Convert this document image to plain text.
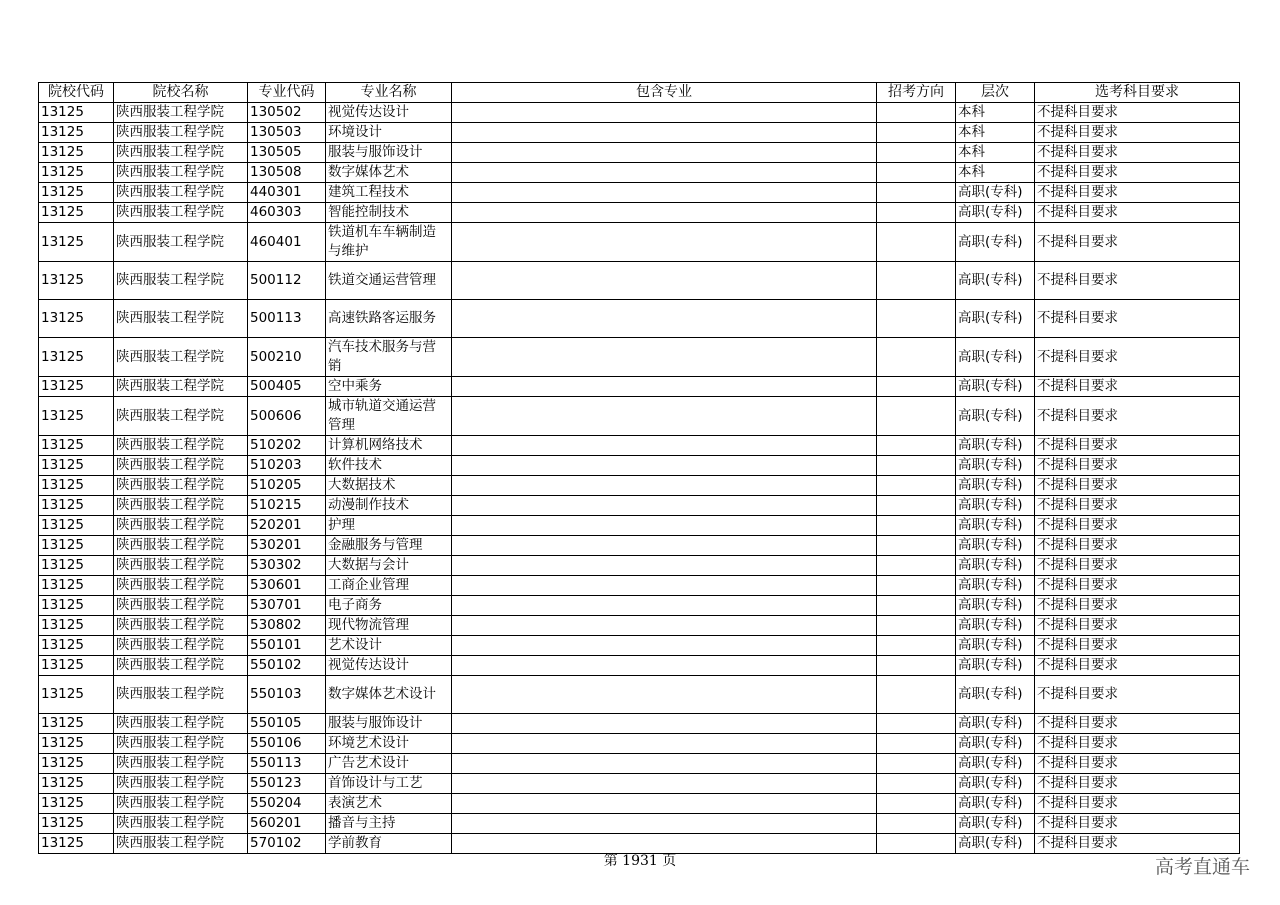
院校代码	院校名称	专业代码	专业名称	包含专业	招考方向	层次	选考科目要求
13125	陕西服装工程学院	130502	视觉传达设计			本科	不提科目要求
13125	陕西服装工程学院	130503	环境设计			本科	不提科目要求
13125	陕西服装工程学院	130505	服装与服饰设计			本科	不提科目要求
13125	陕西服装工程学院	130508	数字媒体艺术			本科	不提科目要求
13125	陕西服装工程学院	440301	建筑工程技术			高职(专科)	不提科目要求
13125	陕西服装工程学院	460303	智能控制技术			高职(专科)	不提科目要求
13125	陕西服装工程学院	460401	铁道机车车辆制造与维护			高职(专科)	不提科目要求
13125	陕西服装工程学院	500112	铁道交通运营管理			高职(专科)	不提科目要求
13125	陕西服装工程学院	500113	高速铁路客运服务			高职(专科)	不提科目要求
13125	陕西服装工程学院	500210	汽车技术服务与营销			高职(专科)	不提科目要求
13125	陕西服装工程学院	500405	空中乘务			高职(专科)	不提科目要求
13125	陕西服装工程学院	500606	城市轨道交通运营管理			高职(专科)	不提科目要求
13125	陕西服装工程学院	510202	计算机网络技术			高职(专科)	不提科目要求
13125	陕西服装工程学院	510203	软件技术			高职(专科)	不提科目要求
13125	陕西服装工程学院	510205	大数据技术			高职(专科)	不提科目要求
13125	陕西服装工程学院	510215	动漫制作技术			高职(专科)	不提科目要求
13125	陕西服装工程学院	520201	护理			高职(专科)	不提科目要求
13125	陕西服装工程学院	530201	金融服务与管理			高职(专科)	不提科目要求
13125	陕西服装工程学院	530302	大数据与会计			高职(专科)	不提科目要求
13125	陕西服装工程学院	530601	工商企业管理			高职(专科)	不提科目要求
13125	陕西服装工程学院	530701	电子商务			高职(专科)	不提科目要求
13125	陕西服装工程学院	530802	现代物流管理			高职(专科)	不提科目要求
13125	陕西服装工程学院	550101	艺术设计			高职(专科)	不提科目要求
13125	陕西服装工程学院	550102	视觉传达设计			高职(专科)	不提科目要求
13125	陕西服装工程学院	550103	数字媒体艺术设计			高职(专科)	不提科目要求
13125	陕西服装工程学院	550105	服装与服饰设计			高职(专科)	不提科目要求
13125	陕西服装工程学院	550106	环境艺术设计			高职(专科)	不提科目要求
13125	陕西服装工程学院	550113	广告艺术设计			高职(专科)	不提科目要求
13125	陕西服装工程学院	550123	首饰设计与工艺			高职(专科)	不提科目要求
13125	陕西服装工程学院	550204	表演艺术			高职(专科)	不提科目要求
13125	陕西服装工程学院	560201	播音与主持			高职(专科)	不提科目要求
13125	陕西服装工程学院	570102	学前教育			高职(专科)	不提科目要求
第 1931 页	高考直通车
